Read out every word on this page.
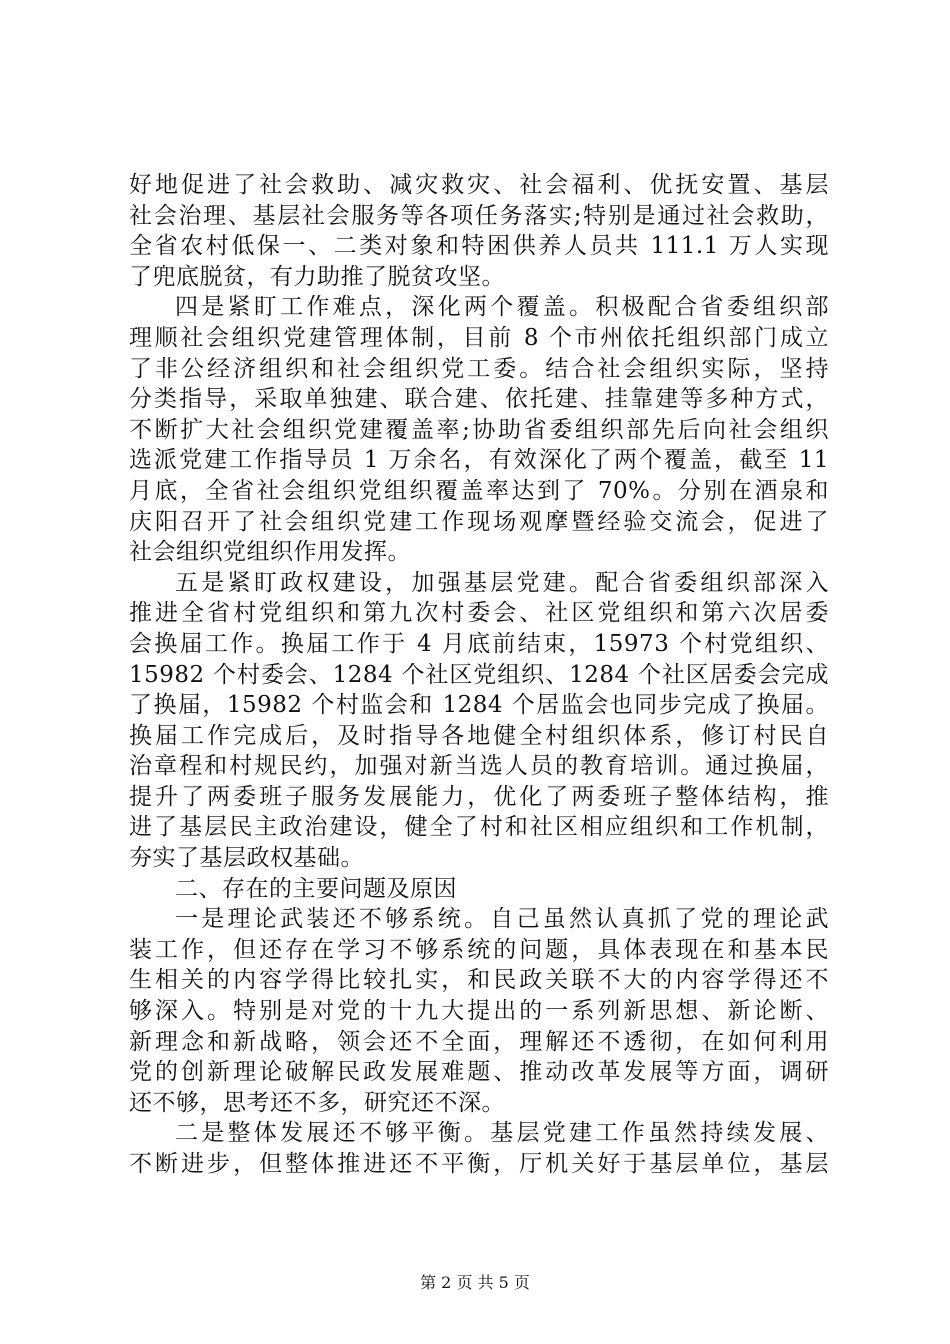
好地促进了社会救助、减灾救灾、社会福利、优抚安置、基层
社会治理、基层社会服务等各项任务落实;特别是通过社会救助，
全省农村低保一、二类对象和特困供养人员共 111.1 万人实现
了兜底脱贫，有力助推了脱贫攻坚。
四是紧盯工作难点，深化两个覆盖。积极配合省委组织部
理顺社会组织党建管理体制，目前 8 个市州依托组织部门成立
了非公经济组织和社会组织党工委。结合社会组织实际，坚持
分类指导，采取单独建、联合建、依托建、挂靠建等多种方式，
不断扩大社会组织党建覆盖率;协助省委组织部先后向社会组织
选派党建工作指导员 1 万余名，有效深化了两个覆盖，截至 11
月底，全省社会组织党组织覆盖率达到了 70%。分别在酒泉和
庆阳召开了社会组织党建工作现场观摩暨经验交流会，促进了
社会组织党组织作用发挥。
五是紧盯政权建设，加强基层党建。配合省委组织部深入
推进全省村党组织和第九次村委会、社区党组织和第六次居委
会换届工作。换届工作于 4 月底前结束，15973 个村党组织、
15982 个村委会、1284 个社区党组织、1284 个社区居委会完成
了换届，15982 个村监会和 1284 个居监会也同步完成了换届。
换届工作完成后，及时指导各地健全村组织体系，修订村民自
治章程和村规民约，加强对新当选人员的教育培训。通过换届，
提升了两委班子服务发展能力，优化了两委班子整体结构，推
进了基层民主政治建设，健全了村和社区相应组织和工作机制，
夯实了基层政权基础。
二、存在的主要问题及原因
一是理论武装还不够系统。自己虽然认真抓了党的理论武
装工作，但还存在学习不够系统的问题，具体表现在和基本民
生相关的内容学得比较扎实，和民政关联不大的内容学得还不
够深入。特别是对党的十九大提出的一系列新思想、新论断、
新理念和新战略，领会还不全面，理解还不透彻，在如何利用
党的创新理论破解民政发展难题、推动改革发展等方面，调研
还不够，思考还不多，研究还不深。
二是整体发展还不够平衡。基层党建工作虽然持续发展、
不断进步，但整体推进还不平衡，厅机关好于基层单位，基层
第 2 页 共 5 页
